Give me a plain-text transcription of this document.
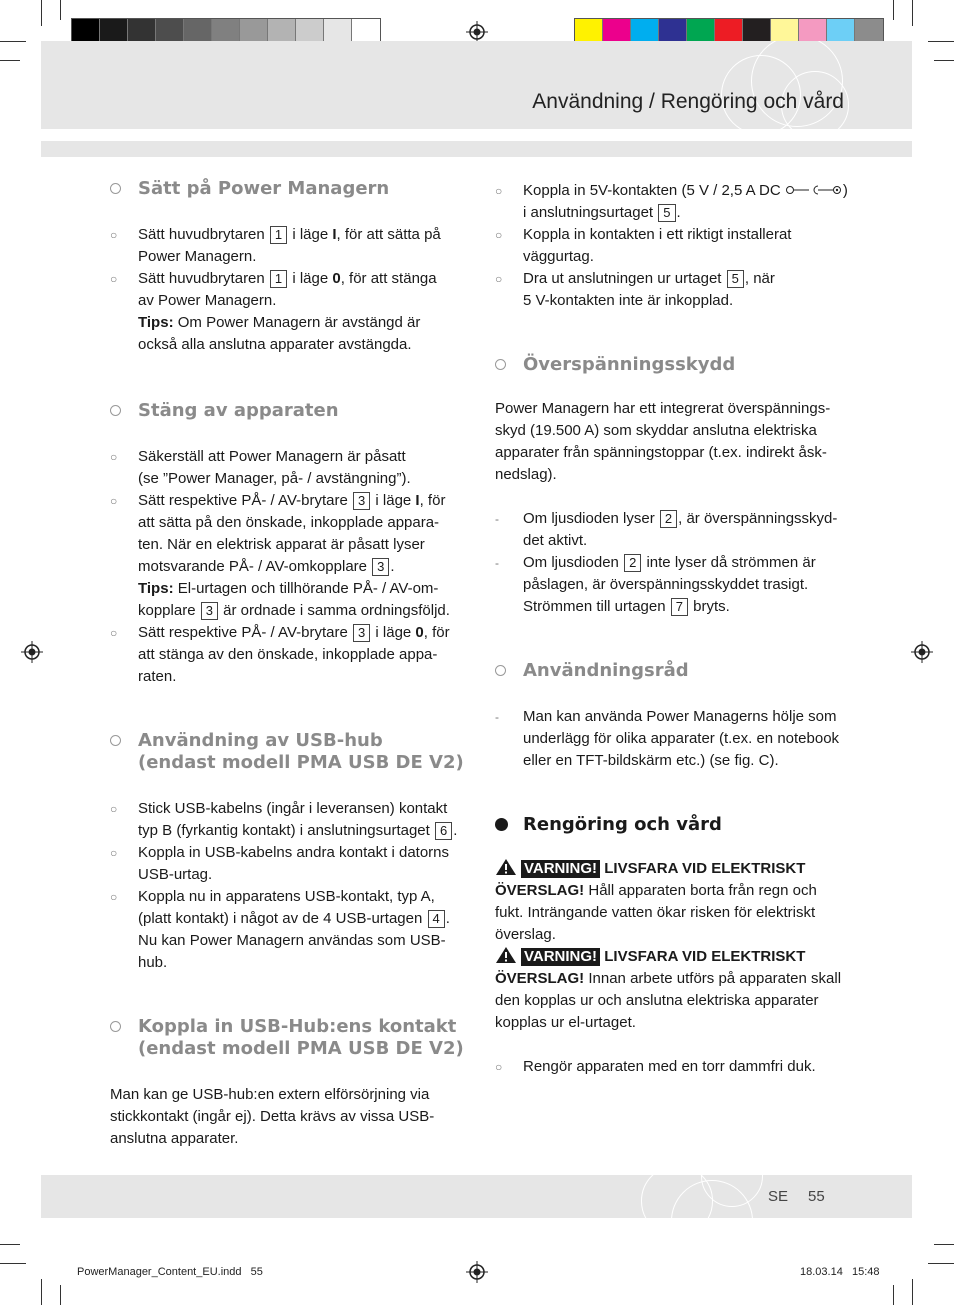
Användning / Rengöring och vård
Sätt på Power Managern
○ Sätt huvudbrytaren 1 i läge I, för att sätta på
Power Managern.
○ Sätt huvudbrytaren 1 i läge 0, för att stänga
av Power Managern.
Tips: Om Power Managern är avstängd är
också alla anslutna apparater avstängda.
Stäng av apparaten
○ Säkerställ att Power Managern är påsatt
(se ”Power Manager, på- / avstängning”).
○ Sätt respektive PÅ- / AV-brytare 3 i läge I, för
att sätta på den önskade, inkopplade appara-
ten. När en elektrisk apparat är påsatt lyser
motsvarande PÅ- / AV-omkopplare 3 .
Tips: El-urtagen och tillhörande PÅ- / AV-om-
kopplare 3 är ordnade i samma ordningsföljd.
○ Sätt respektive PÅ- / AV-brytare 3 i läge 0, för
att stänga av den önskade, inkopplade appa-
raten.
Användning av USB-hub
(endast modell PMA USB DE V2)
○ Stick USB-kabelns (ingår i leveransen) kontakt
typ B (fyrkantig kontakt) i anslutningsurtaget 6 .
○ Koppla in USB-kabelns andra kontakt i datorns
USB-urtag.
○ Koppla nu in apparatens USB-kontakt, typ A,
(platt kontakt) i något av de 4 USB-urtagen 4 .
Nu kan Power Managern användas som USB-
hub.
Koppla in USB-Hub:ens kontakt
(endast modell PMA USB DE V2)
Man kan ge USB-hub:en extern elförsörjning via
stickkontakt (ingår ej). Detta krävs av vissa USB-
anslutna apparater.
○ Koppla in 5V-kontakten (5 V / 2,5 A DC	)
i anslutningsurtaget 5 .
○ Koppla in kontakten i ett riktigt installerat
väggurtag.
○ Dra ut anslutningen ur urtaget 5 , när
5 V-kontakten inte är inkopplad.
Överspänningsskydd
Power Managern har ett integrerat överspännings-
skyd (19.500 A) som skyddar anslutna elektriska
apparater från spänningstoppar (t.ex. indirekt åsk-
nedslag).
- Om ljusdioden lyser 2 , är överspänningsskyd-
det aktivt.
- Om ljusdioden 2 inte lyser då strömmen är
påslagen, är överspänningsskyddet trasigt.
Strömmen till urtagen 7 bryts.
Användningsråd
- Man kan använda Power Managerns hölje som
underlägg för olika apparater (t.ex. en notebook
eller en TFT-bildskärm etc.) (se fig. C).
Rengöring och vård
VARNING! LIVSFARA VID ELEKTRISKT
ÖVERSLAG! Håll apparaten borta från regn och
fukt. Inträngande vatten ökar risken för elektriskt
överslag.
VARNING! LIVSFARA VID ELEKTRISKT
ÖVERSLAG! Innan arbete utförs på apparaten skall
den kopplas ur och anslutna elektriska apparater
kopplas ur el-urtaget.
○ Rengör apparaten med en torr dammfri duk.
SE 55
PowerManager_Content_EU.indd   55	18.03.14   15:48
